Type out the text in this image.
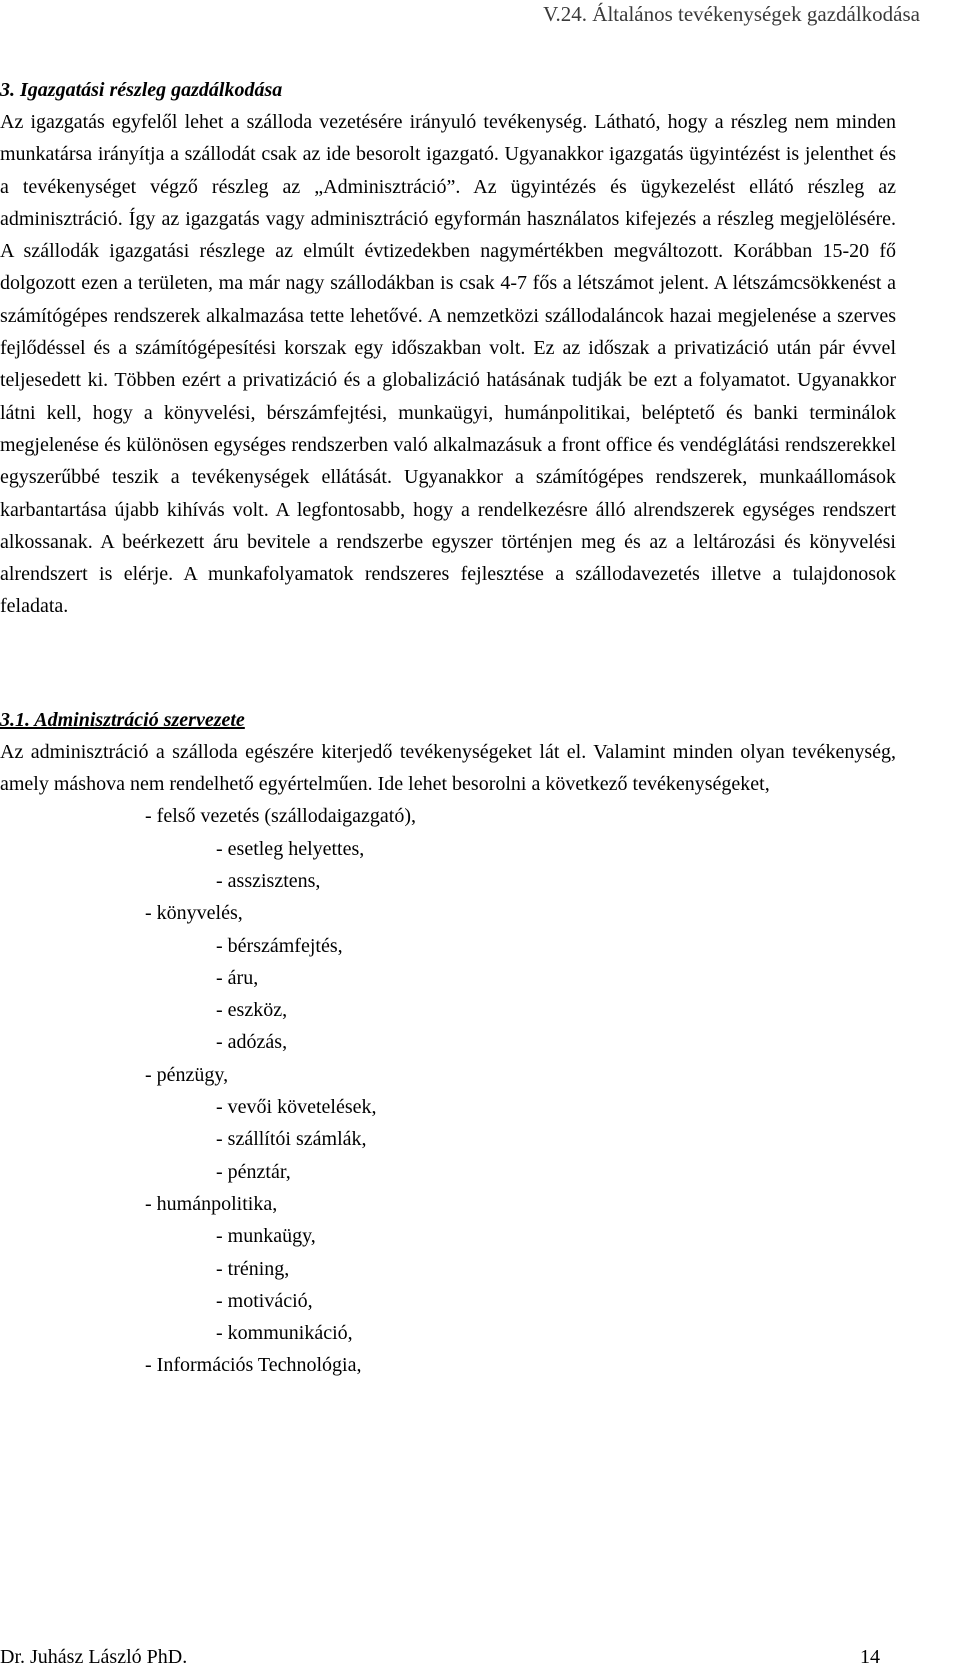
V.24. Általános tevékenységek gazdálkodása
3. Igazgatási részleg gazdálkodása

Az igazgatás egyfelől lehet a szálloda vezetésére irányuló tevékenység. Látható, hogy a részleg nem minden munkatársa irányítja a szállodát csak az ide besorolt igazgató. Ugyanakkor igazgatás ügyintézést is jelenthet és a tevékenységet végző részleg az „Adminisztráció”. Az ügyintézés és ügykezelést ellátó részleg az adminisztráció. Így az igazgatás vagy adminisztráció egyformán használatos kifejezés a részleg megjelölésére. A szállodák igazgatási részlege az elmúlt évtizedekben nagymértékben megváltozott. Korábban 15-20 fő dolgozott ezen a területen, ma már nagy szállodákban is csak 4-7 fős a létszámot jelent. A létszámcsökkenést a számítógépes rendszerek alkalmazása tette lehetővé. A nemzetközi szállodaláncok hazai megjelenése a szerves fejlődéssel és a számítógépesítési korszak egy időszakban volt. Ez az időszak a privatizáció után pár évvel teljesedett ki. Többen ezért a privatizáció és a globalizáció hatásának tudják be ezt a folyamatot. Ugyanakkor látni kell, hogy a könyvelési, bérszámfejtési, munkaügyi, humánpolitikai, beléptető és banki terminálok megjelenése és különösen egységes rendszerben való alkalmazásuk a front office és vendéglátási rendszerekkel egyszerűbbé teszik a tevékenységek ellátását. Ugyanakkor a számítógépes rendszerek, munkaállomások karbantartása újabb kihívás volt. A legfontosabb, hogy a rendelkezésre álló alrendszerek egységes rendszert alkossanak. A beérkezett áru bevitele a rendszerbe egyszer történjen meg és az a leltározási és könyvelési alrendszert is elérje. A munkafolyamatok rendszeres fejlesztése a szállodavezetés illetve a tulajdonosok feladata.

3.1. Adminisztráció szervezete

Az adminisztráció a szálloda egészére kiterjedő tevékenységeket lát el. Valamint minden olyan tevékenység, amely máshova nem rendelhető egyértelműen. Ide lehet besorolni a következő tevékenységeket,

- felső vezetés (szállodaigazgató),
- esetleg helyettes,
- asszisztens,
- könyvelés,
- bérszámfejtés,
- áru,
- eszköz,
- adózás,
- pénzügy,
- vevői követelések,
- szállítói számlák,
- pénztár,
- humánpolitika,
- munkaügy,
- tréning,
- motiváció,
- kommunikáció,
- Információs Technológia,
Dr. Juhász László PhD.	14
